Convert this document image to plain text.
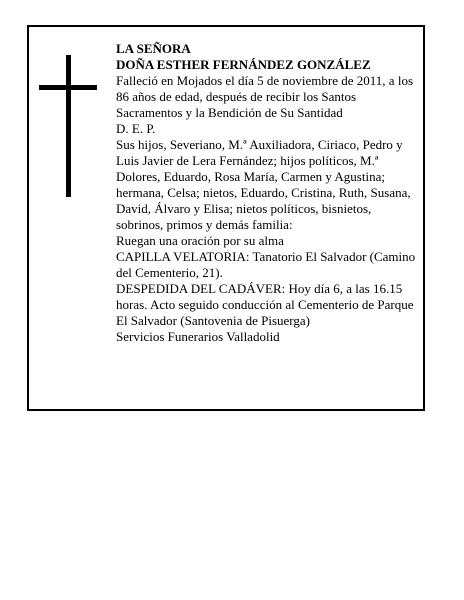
LA SEÑORA

DOÑA ESTHER FERNÁNDEZ GONZÁLEZ

Falleció en Mojados el día 5 de noviembre de 2011, a los 86 años de edad, después de recibir los Santos Sacramentos y la Bendición de Su Santidad

D. E. P.

Sus hijos, Severiano, M.ª Auxiliadora, Ciriaco, Pedro y Luis Javier de Lera Fernández; hijos políticos, M.ª Dolores, Eduardo, Rosa María, Carmen y Agustina; hermana, Celsa; nietos, Eduardo, Cristina, Ruth, Susana, David, Álvaro y Elisa; nietos políticos, bisnietos, sobrinos, primos y demás familia:

Ruegan una oración por su alma

CAPILLA VELATORIA: Tanatorio El Salvador (Camino del Cementerio, 21).

DESPEDIDA DEL CADÁVER: Hoy día 6, a las 16.15 horas. Acto seguido conducción al Cementerio de Parque El Salvador (Santovenia de Pisuerga)

Servicios Funerarios Valladolid
